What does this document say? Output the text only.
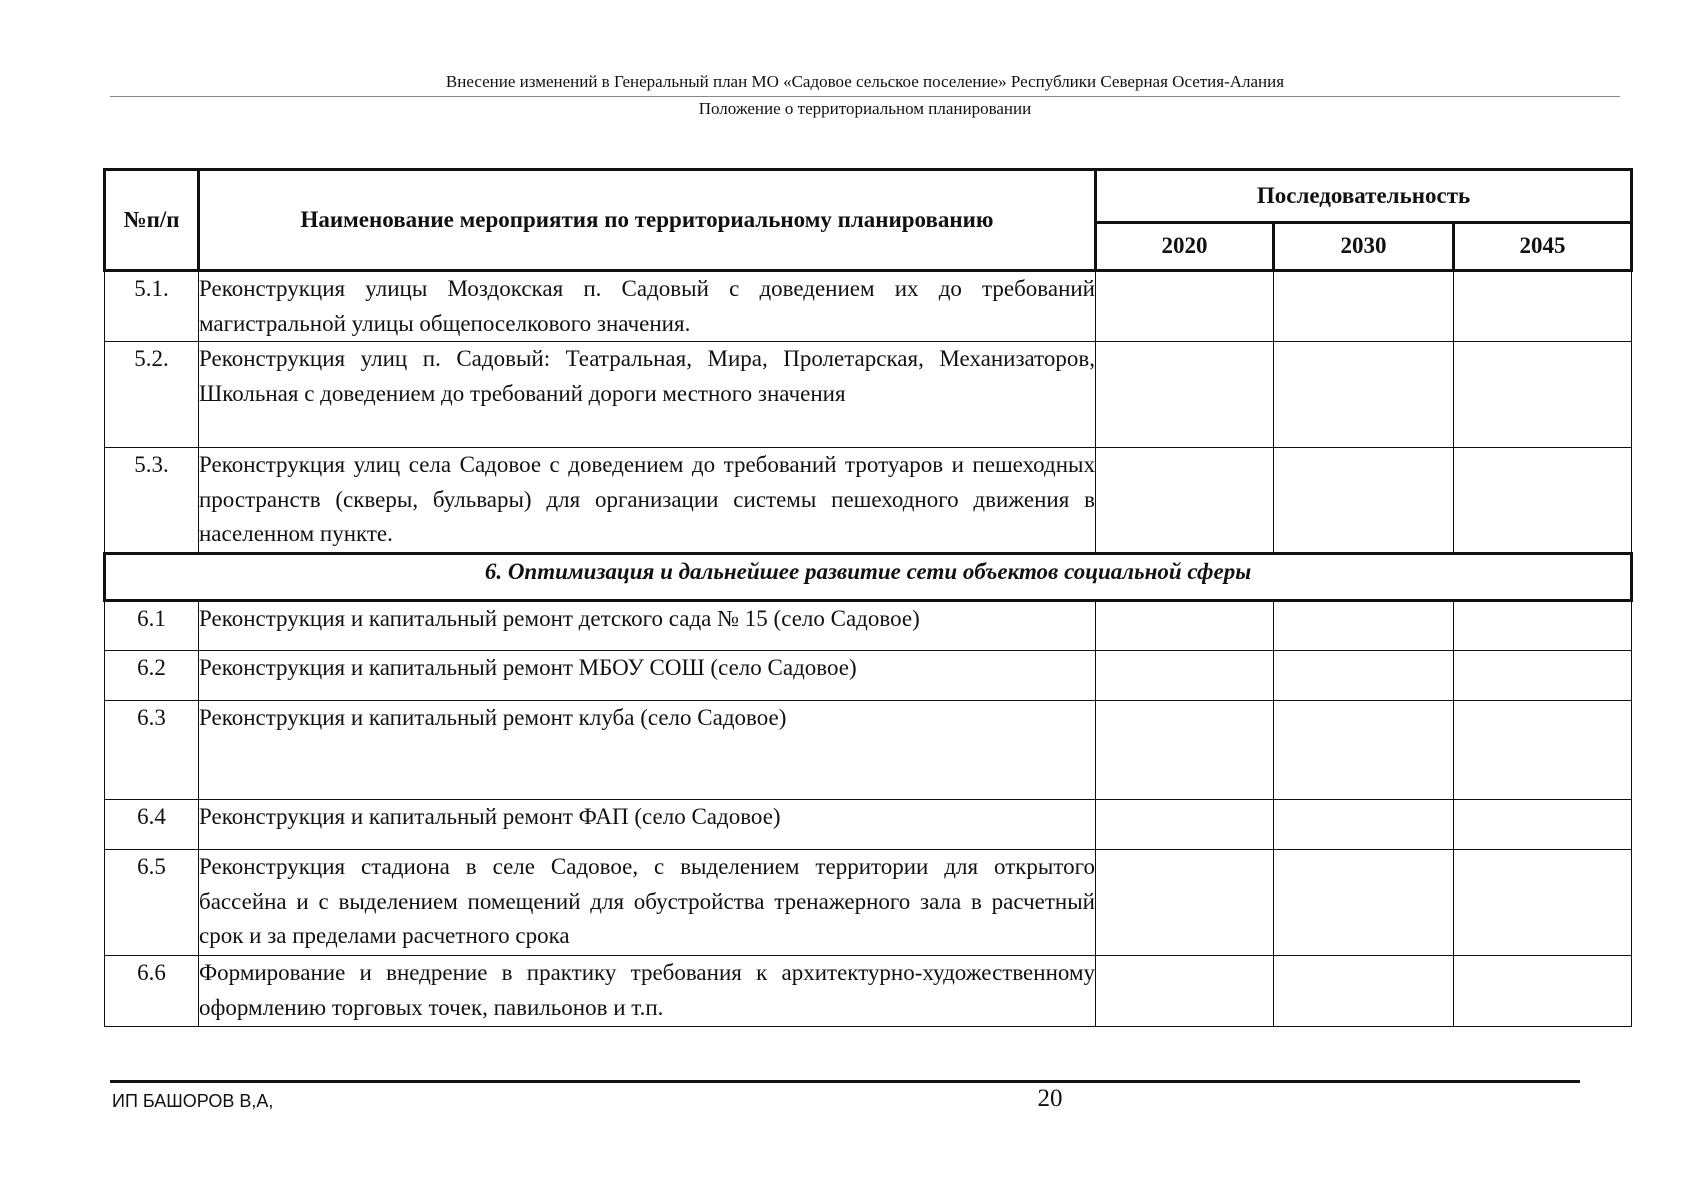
Внесение изменений в Генеральный план МО «Садовое сельское поселение» Республики Северная Осетия-Алания
Положение о территориальном планировании
№п/п	Наименование мероприятия по территориальному планированию	Последовательность		
		2020	2030	2045
5.1.	Реконструкция улицы Моздокская п. Садовый с доведением их до требований магистральной улицы общепоселкового значения.			
5.2.	Реконструкция улиц п. Садовый: Театральная, Мира, Пролетарская, Механизаторов, Школьная с доведением до требований дороги местного значения			
5.3.	Реконструкция улиц села Садовое с доведением до требований тротуаров и пешеходных пространств (скверы, бульвары) для организации системы пешеходного движения в населенном пункте.			
6. Оптимизация и дальнейшее развитие сети объектов социальной сферы				
6.1	Реконструкция и капитальный ремонт детского сада № 15 (село Садовое)			
6.2	Реконструкция и капитальный ремонт МБОУ СОШ (село Садовое)			
6.3	Реконструкция и капитальный ремонт клуба (село Садовое)			
6.4	Реконструкция и капитальный ремонт ФАП (село Садовое)			
6.5	Реконструкция стадиона в селе Садовое, с выделением территории для открытого бассейна и с выделением помещений для обустройства тренажерного зала в расчетный срок и за пределами расчетного срока			
6.6	Формирование и внедрение в практику требования к архитектурно-художественному оформлению торговых точек, павильонов и т.п.			
ИП БАШОРОВ В,А,	20
